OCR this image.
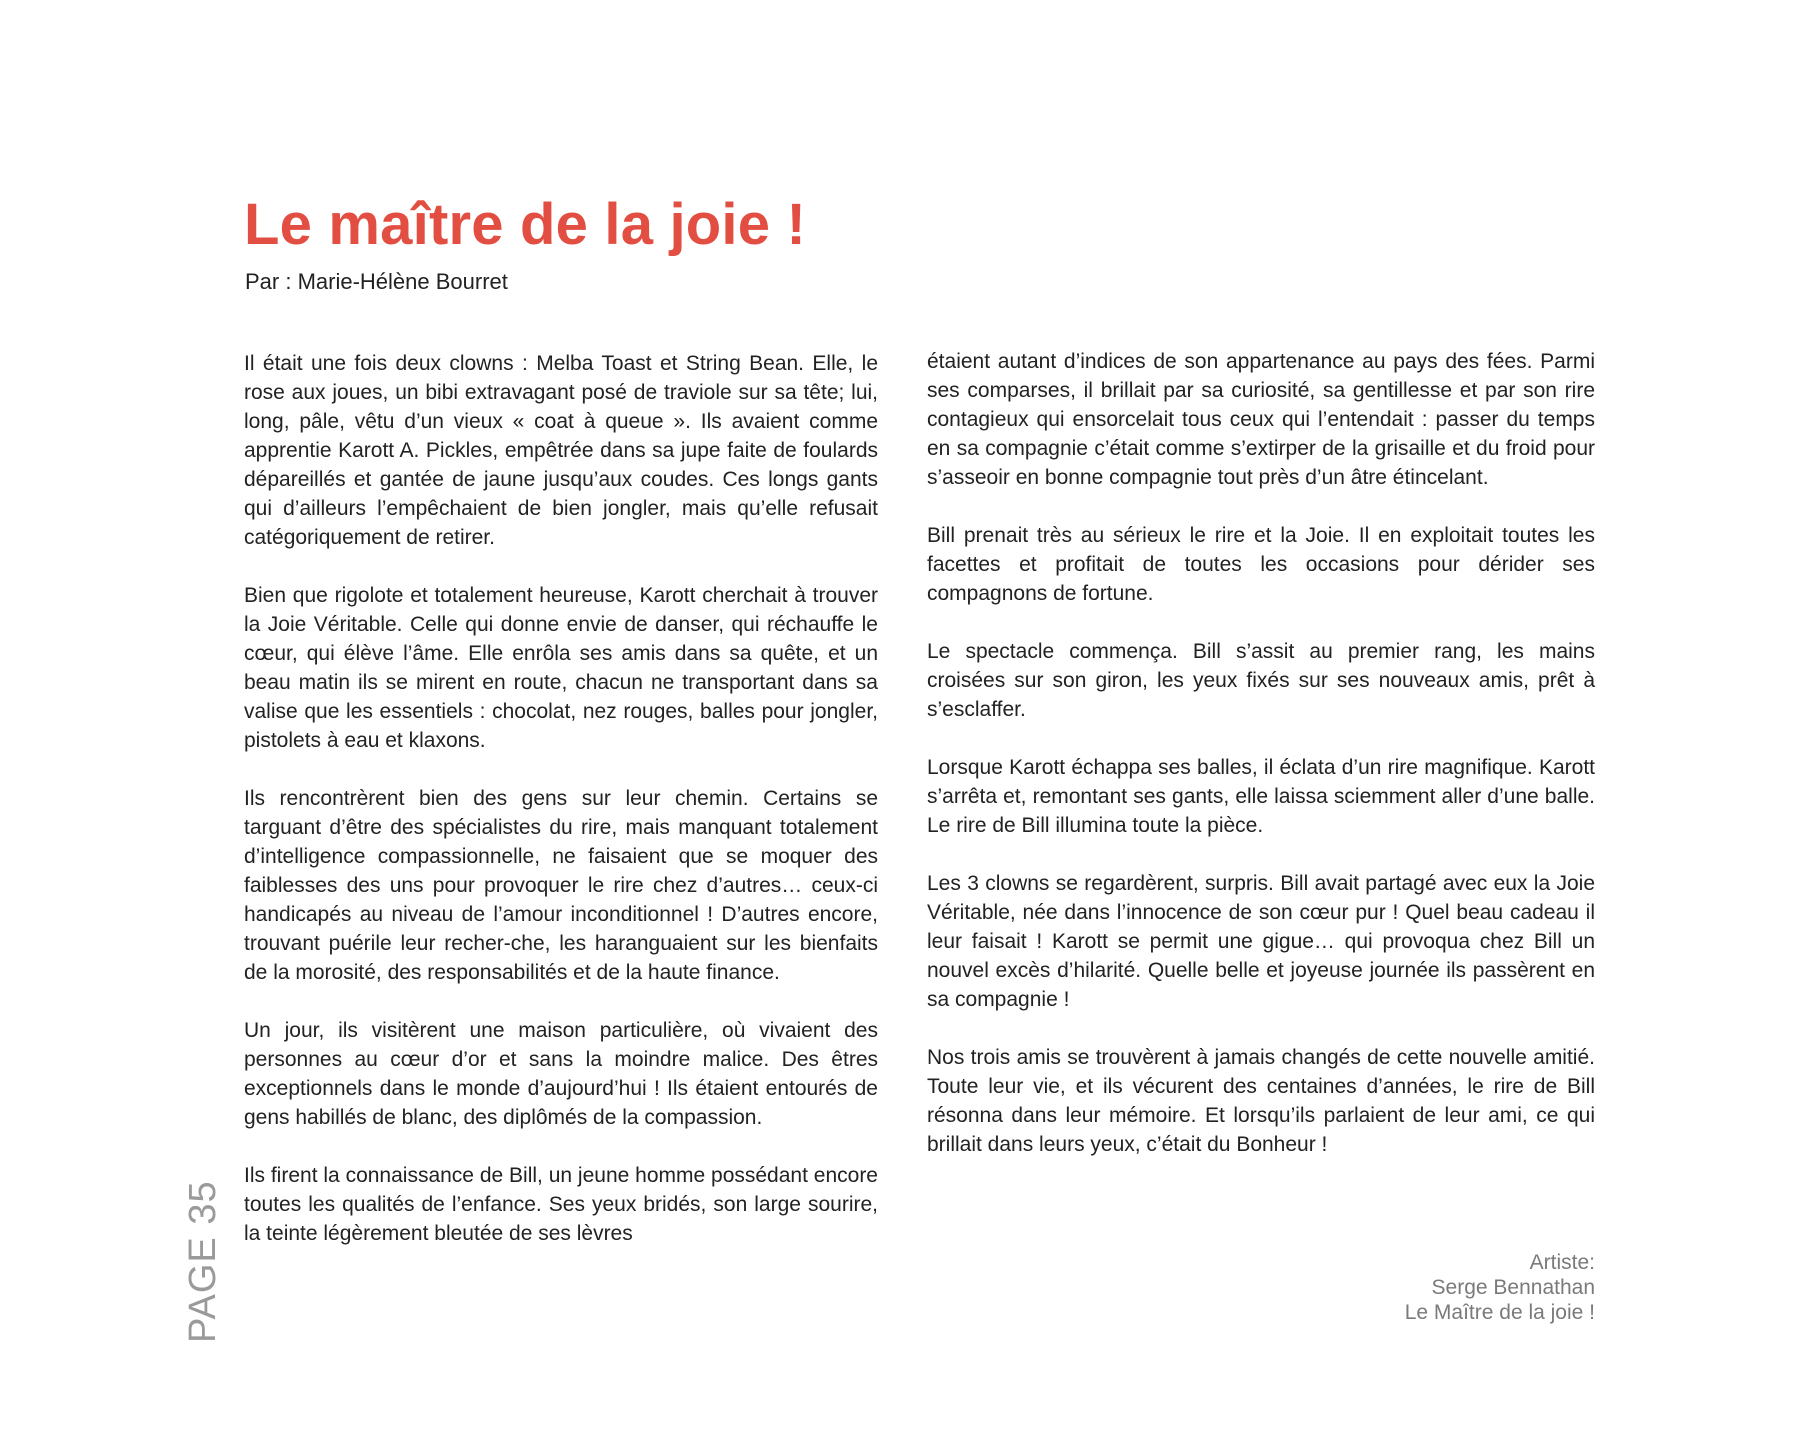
Le maître de la joie !

Par : Marie-Hélène Bourret

Il était une fois deux clowns : Melba Toast et String Bean. Elle, le rose aux joues, un bibi extravagant posé de traviole sur sa tête; lui, long, pâle, vêtu d’un vieux « coat à queue ». Ils avaient comme apprentie Karott A. Pickles, empêtrée dans sa jupe faite de foulards dépareillés et gantée de jaune jusqu’aux coudes. Ces longs gants qui d’ailleurs l’empêchaient de bien jongler, mais qu’elle refusait catégoriquement de retirer.

Bien que rigolote et totalement heureuse, Karott cherchait à trouver la Joie Véritable. Celle qui donne envie de danser, qui réchauffe le cœur, qui élève l’âme. Elle enrôla ses amis dans sa quête, et un beau matin ils se mirent en route, chacun ne transportant dans sa valise que les essentiels : chocolat, nez rouges, balles pour jongler, pistolets à eau et klaxons.

Ils rencontrèrent bien des gens sur leur chemin. Certains se targuant d’être des spécialistes du rire, mais manquant totalement d’intelligence compassionnelle, ne faisaient que se moquer des faiblesses des uns pour provoquer le rire chez d’autres… ceux-ci handicapés au niveau de l’amour inconditionnel ! D’autres encore, trouvant puérile leur recher-che, les haranguaient sur les bienfaits de la morosité, des responsabilités et de la haute finance.

Un jour, ils visitèrent une maison particulière, où vivaient des personnes au cœur d’or et sans la moindre malice. Des êtres exceptionnels dans le monde d’aujourd’hui ! Ils étaient entourés de gens habillés de blanc, des diplômés de la compassion.

Ils firent la connaissance de Bill, un jeune homme possédant encore toutes les qualités de l’enfance. Ses yeux bridés, son large sourire, la teinte légèrement bleutée de ses lèvres

étaient autant d’indices de son appartenance au pays des fées. Parmi ses comparses, il brillait par sa curiosité, sa gentillesse et par son rire contagieux qui ensorcelait tous ceux qui l’entendait : passer du temps en sa compagnie c’était comme s’extirper de la grisaille et du froid pour s’asseoir en bonne compagnie tout près d’un âtre étincelant.

Bill prenait très au sérieux le rire et la Joie. Il en exploitait toutes les facettes et profitait de toutes les occasions pour dérider ses compagnons de fortune.

Le spectacle commença. Bill s’assit au premier rang, les mains croisées sur son giron, les yeux fixés sur ses nouveaux amis, prêt à s’esclaffer.

Lorsque Karott échappa ses balles, il éclata d’un rire magnifique. Karott s’arrêta et, remontant ses gants, elle laissa sciemment aller d’une balle. Le rire de Bill illumina toute la pièce.

Les 3 clowns se regardèrent, surpris. Bill avait partagé avec eux la Joie Véritable, née dans l’innocence de son cœur pur ! Quel beau cadeau il leur faisait ! Karott se permit une gigue… qui provoqua chez Bill un nouvel excès d’hilarité. Quelle belle et joyeuse journée ils passèrent en sa compagnie !

Nos trois amis se trouvèrent à jamais changés de cette nouvelle amitié. Toute leur vie, et ils vécurent des centaines d’années, le rire de Bill résonna dans leur mémoire. Et lorsqu’ils parlaient de leur ami, ce qui brillait dans leurs yeux, c’était du Bonheur !

Artiste:
Serge Bennathan
Le Maître de la joie !
PAGE 35
